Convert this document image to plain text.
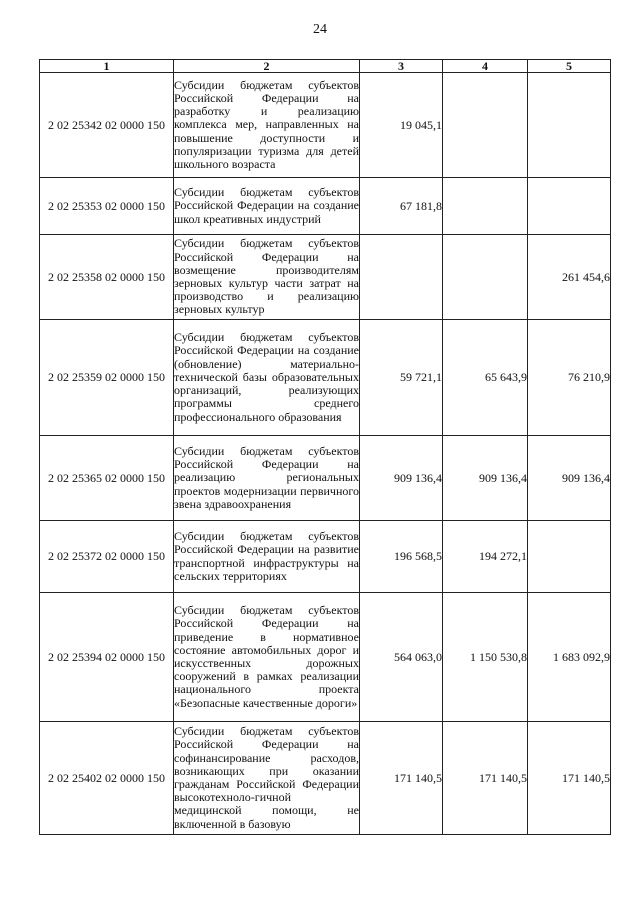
24
1	2	3	4	5
2 02 25342 02 0000 150	Субсидии бюджетам субъектов Российской Федерации на разработку и реализацию комплекса мер, направленных на повышение доступности и популяризации туризма для детей школьного возраста	19 045,1		
2 02 25353 02 0000 150	Субсидии бюджетам субъектов Российской Федерации на создание школ креативных индустрий	67 181,8		
2 02 25358 02 0000 150	Субсидии бюджетам субъектов Российской Федерации на возмещение производителям зерновых культур части затрат на производство и реализацию зерновых культур			261 454,6
2 02 25359 02 0000 150	Субсидии бюджетам субъектов Российской Федерации на создание (обновление) материально-технической базы образовательных организаций, реализующих программы среднего профессионального образования	59 721,1	65 643,9	76 210,9
2 02 25365 02 0000 150	Субсидии бюджетам субъектов Российской Федерации на реализацию региональных проектов модернизации первичного звена здравоохранения	909 136,4	909 136,4	909 136,4
2 02 25372 02 0000 150	Субсидии бюджетам субъектов Российской Федерации на развитие транспортной инфраструктуры на сельских территориях	196 568,5	194 272,1	
2 02 25394 02 0000 150	Субсидии бюджетам субъектов Российской Федерации на приведение в нормативное состояние автомобильных дорог и искусственных дорожных сооружений в рамках реализации национального проекта «Безопасные качественные дороги»	564 063,0	1 150 530,8	1 683 092,9
2 02 25402 02 0000 150	Субсидии бюджетам субъектов Российской Федерации на софинансирование расходов, возникающих при оказании гражданам Российской Федерации высокотехноло-гичной медицинской помощи, не включенной в базовую	171 140,5	171 140,5	171 140,5
